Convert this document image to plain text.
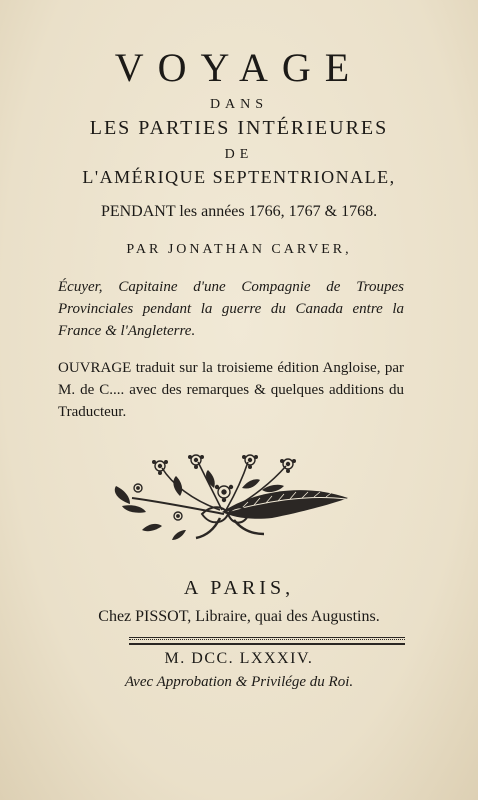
VOYAGE
DANS
LES PARTIES INTÉRIEURES
DE
L'AMÉRIQUE SEPTENTRIONALE,
PENDANT les années 1766, 1767 & 1768.
PAR JONATHAN CARVER,
Écuyer, Capitaine d'une Compagnie de Troupes Provinciales pendant la guerre du Canada entre la France & l'Angleterre.
OUVRAGE traduit sur la troisieme édition Angloise, par M. de C.... avec des remarques & quelques additions du Traducteur.
A PARIS,
Chez PISSOT, Libraire, quai des Augustins.
M. DCC. LXXXIV.
Avec Approbation & Privilége du Roi.
